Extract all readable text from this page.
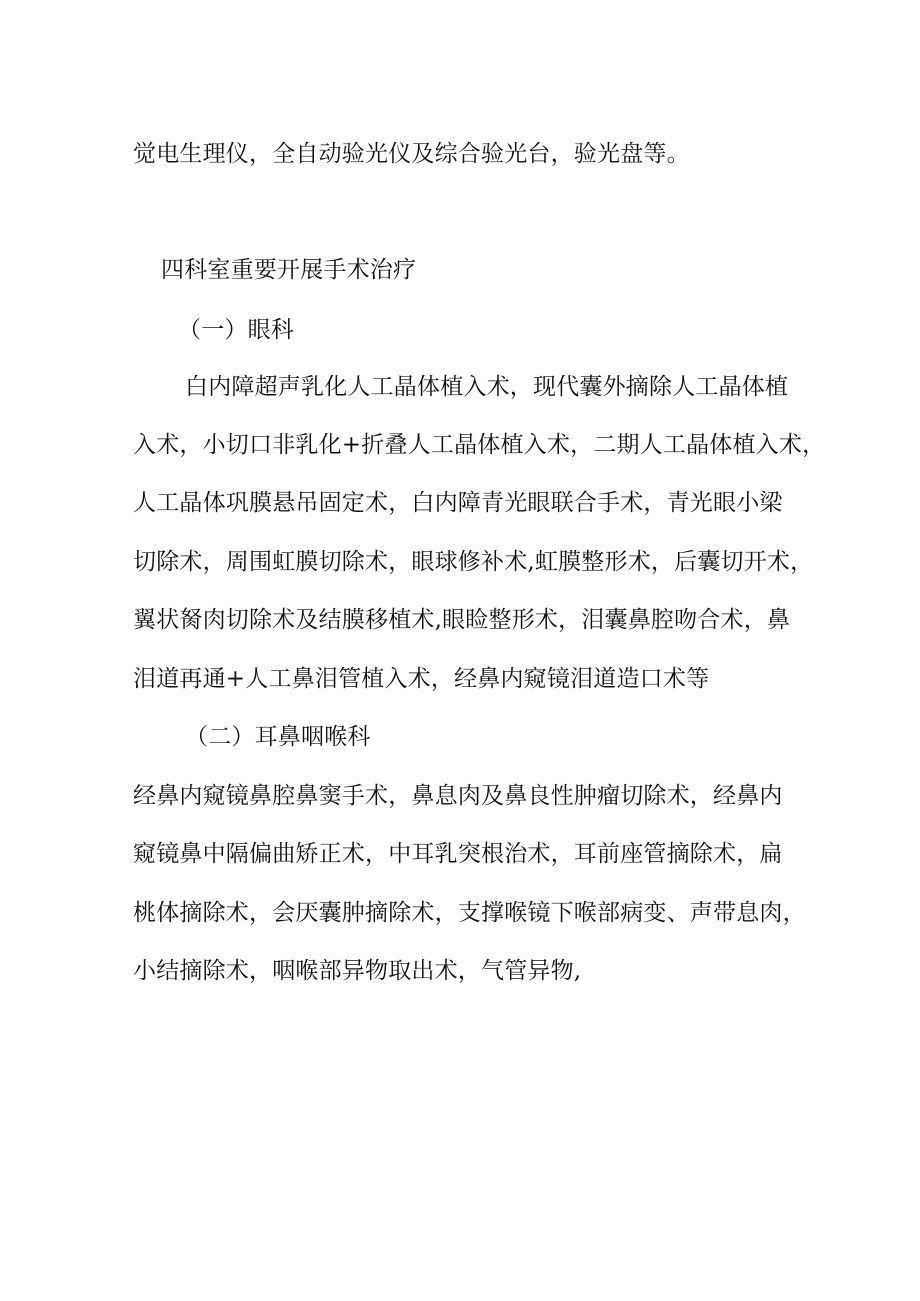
觉电生理仪，全自动验光仪及综合验光台，验光盘等。
四科室重要开展手术治疗
（一）眼科
白内障超声乳化人工晶体植入术，现代囊外摘除人工晶体植
入术，小切口非乳化+折叠人工晶体植入术，二期人工晶体植入术，
人工晶体巩膜悬吊固定术，白内障青光眼联合手术，青光眼小梁
切除术，周围虹膜切除术，眼球修补术,虹膜整形术，后囊切开术，
翼状胬肉切除术及结膜移植术,眼睑整形术，泪囊鼻腔吻合术，鼻
泪道再通+人工鼻泪管植入术，经鼻内窥镜泪道造口术等
（二）耳鼻咽喉科
经鼻内窥镜鼻腔鼻窦手术，鼻息肉及鼻良性肿瘤切除术，经鼻内
窥镜鼻中隔偏曲矫正术，中耳乳突根治术，耳前座管摘除术，扁
桃体摘除术，会厌囊肿摘除术，支撑喉镜下喉部病变、声带息肉，
小结摘除术，咽喉部异物取出术，气管异物,
